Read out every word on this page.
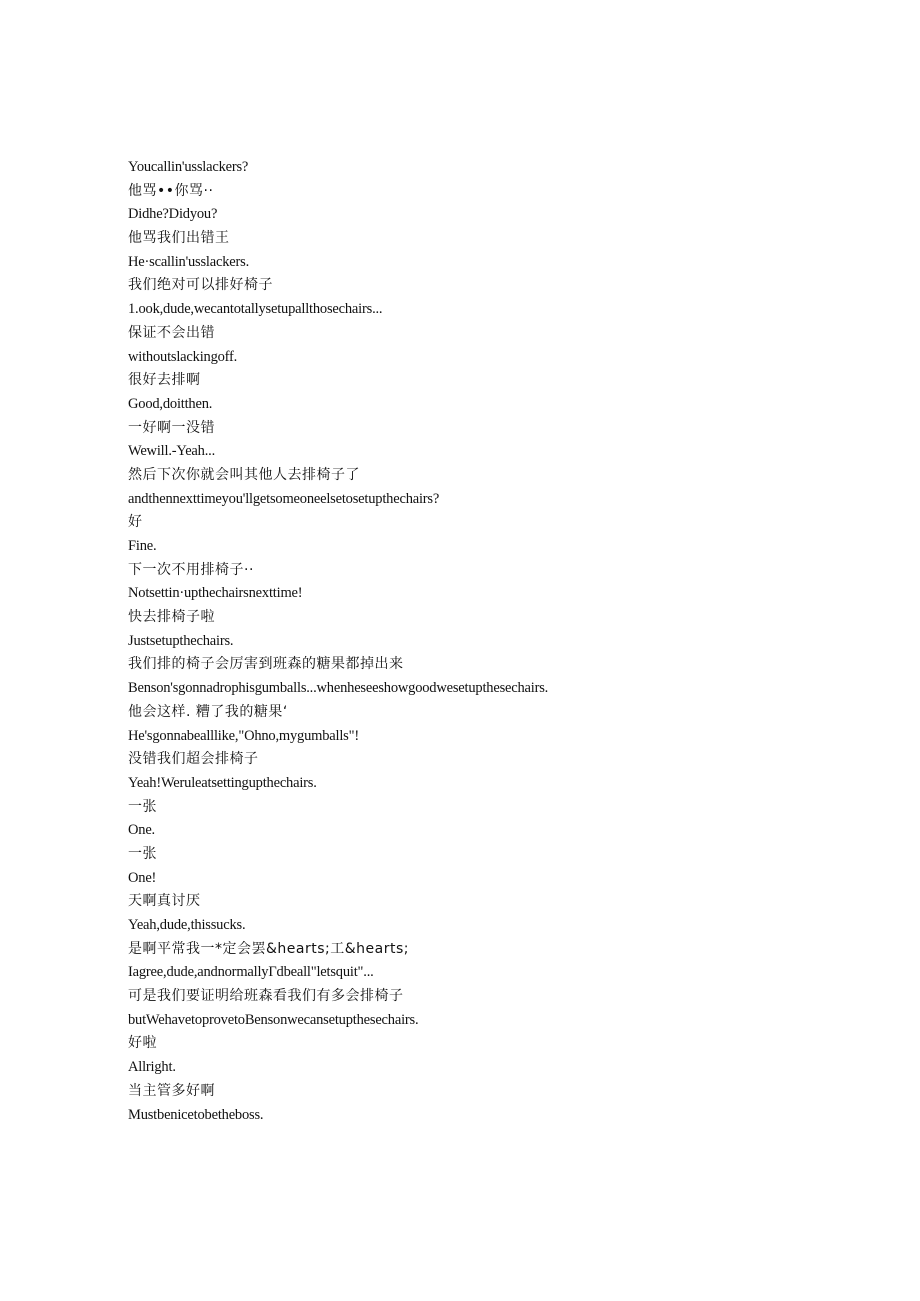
Youcallin'usslackers?
他骂••你骂··
Didhe?Didyou?
他骂我们出错王
He·scallin'usslackers.
我们绝对可以排好椅子
1.ook,dude,wecantotallysetupallthosechairs...
保证不会出错
withoutslackingoff.
很好去排啊
Good,doitthen.
一好啊一没错
Wewill.-Yeah...
然后下次你就会叫其他人去排椅子了
andthennexttimeyou'llgetsomeoneelsetosetupthechairs?
好
Fine.
下一次不用排椅子··
Notsettin·upthechairsnexttime!
快去排椅子啦
Justsetupthechairs.
我们排的椅子会厉害到班森的糖果都掉出来
Benson'sgonnadrophisgumballs...whenheseeshowgoodwesetupthesechairs.
他会这样. 糟了我的糖果‘
He'sgonnabealllike,"Ohno,mygumballs"!
没错我们超会排椅子
Yeah!Weruleatsettingupthechairs.
一张
One.
一张
One!
天啊真讨厌
Yeah,dude,thissucks.
是啊平常我一*定会罢&hearts;工&hearts;
Iagree,dude,andnormallyΓdbeall"letsquit"...
可是我们要证明给班森看我们有多会排椅子
butWehavetoprovetoBensonwecansetupthesechairs.
好啦
Allright.
当主管多好啊
Mustbenicetobetheboss.
